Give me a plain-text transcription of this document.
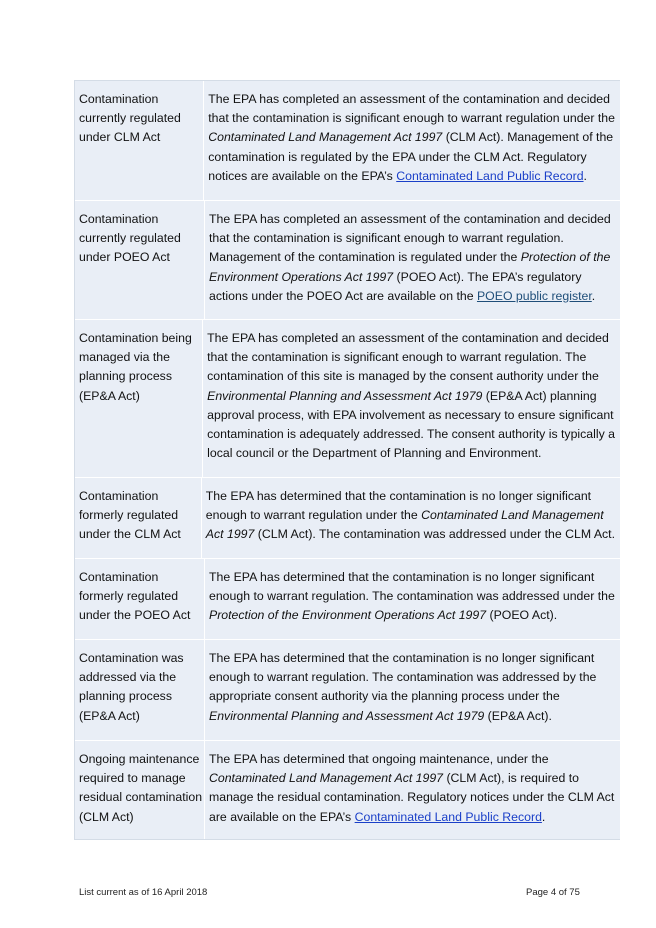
Contamination
currently regulated
under CLM Act
The EPA has completed an assessment of the contamination and decided
that the contamination is significant enough to warrant regulation under the
Contaminated Land Management Act 1997 (CLM Act). Management of the
contamination is regulated by the EPA under the CLM Act. Regulatory
notices are available on the EPA’s Contaminated Land Public Record.
Contamination
currently regulated
under POEO Act
The EPA has completed an assessment of the contamination and decided
that the contamination is significant enough to warrant regulation.
Management of the contamination is regulated under the Protection of the
Environment Operations Act 1997 (POEO Act). The EPA’s regulatory
actions under the POEO Act are available on the POEO public register.
Contamination being
managed via the
planning process
(EP&A Act)
The EPA has completed an assessment of the contamination and decided
that the contamination is significant enough to warrant regulation. The
contamination of this site is managed by the consent authority under the
Environmental Planning and Assessment Act 1979 (EP&A Act) planning
approval process, with EPA involvement as necessary to ensure significant
contamination is adequately addressed. The consent authority is typically a
local council or the Department of Planning and Environment.
Contamination
formerly regulated
under the CLM Act
The EPA has determined that the contamination is no longer significant
enough to warrant regulation under the Contaminated Land Management
Act 1997 (CLM Act). The contamination was addressed under the CLM Act.
Contamination
formerly regulated
under the POEO Act
The EPA has determined that the contamination is no longer significant
enough to warrant regulation. The contamination was addressed under the
Protection of the Environment Operations Act 1997 (POEO Act).
Contamination was
addressed via the
planning process
(EP&A Act)
The EPA has determined that the contamination is no longer significant
enough to warrant regulation. The contamination was addressed by the
appropriate consent authority via the planning process under the
Environmental Planning and Assessment Act 1979 (EP&A Act).
Ongoing maintenance
required to manage
residual contamination
(CLM Act)
The EPA has determined that ongoing maintenance, under the
Contaminated Land Management Act 1997 (CLM Act), is required to
manage the residual contamination. Regulatory notices under the CLM Act
are available on the EPA’s Contaminated Land Public Record.
List current as of 16 April 2018	Page 4 of 75
